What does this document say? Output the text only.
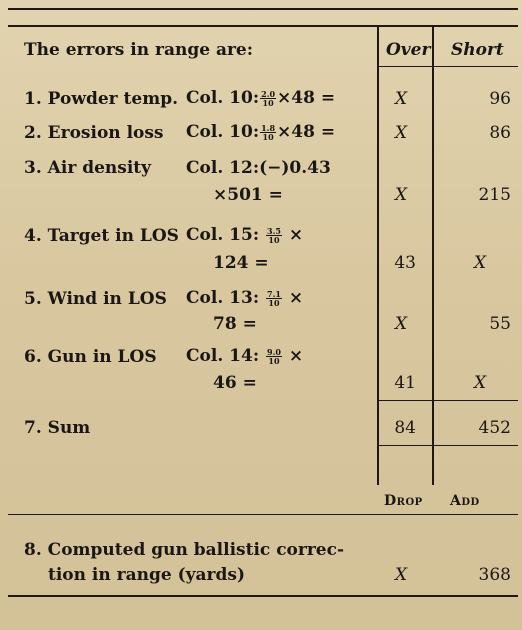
The errors in range are:	Over Short
1. Powder temp. Col. 10: $\frac{2.0}{10} \times 48$ =	X	96
2. Erosion loss Col. 10: $\frac{1.8}{10} \times 48$ =	X	86
3. Air density Col. 12:(−)0.43
×501 =	X	215
4. Target in LOS Col. 15: $\frac{3.5}{10}$ ×
124 =	43	X
5. Wind in LOS Col. 13: $\frac{7.1}{10}$ ×
78 =	X	55
6. Gun in LOS Col. 14: $\frac{9.0}{10}$ ×
46 =	41	X
7. Sum	84	452
Drop Add
8. Computed gun ballistic correc-
tion in range (yards)	X	368
